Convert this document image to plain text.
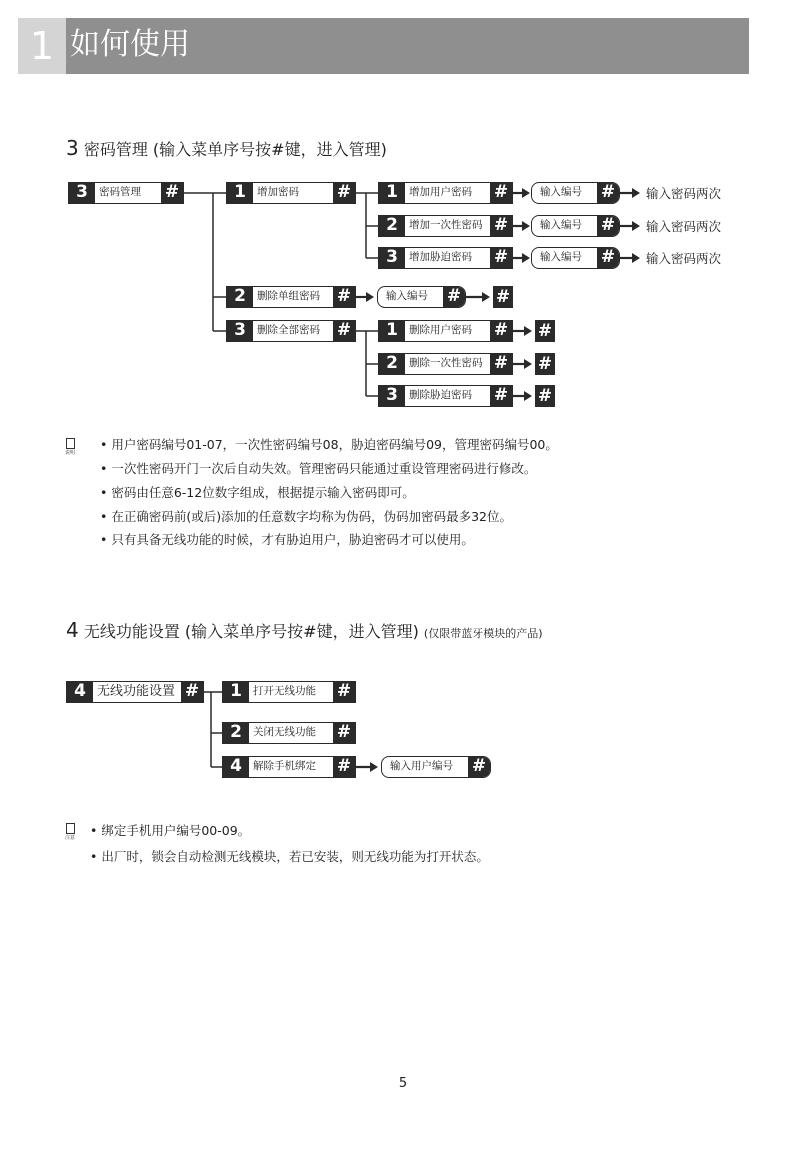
1 如何使用
3 密码管理 (输入菜单序号按#键，进入管理)
3	密码管理	#	1	增加密码	#
2	删除单组密码 #
3	删除全部密码 #
1	增加用户密码	#
2	增加一次性密码 #
3	增加胁迫密码	#
输入编号	#
输入编号	#
输入编号	#
输入密码两次
输入密码两次
输入密码两次
输入编号	# #
1	删除用户密码	#
2	删除一次性密码 #
3	删除胁迫密码	#
#
#
#
说明
• 用户密码编号01-07，一次性密码编号08，胁迫密码编号09，管理密码编号00。
• 一次性密码开门一次后自动失效。管理密码只能通过重设管理密码进行修改。
• 密码由任意6-12位数字组成，根据提示输入密码即可。
• 在正确密码前(或后)添加的任意数字均称为伪码，伪码加密码最多32位。
• 只有具备无线功能的时候，才有胁迫用户，胁迫密码才可以使用。
4 无线功能设置 (输入菜单序号按#键，进入管理) (仅限带蓝牙模块的产品)
4 无线功能设置 #	1	打开无线功能	#
2	关闭无线功能	#
4	解除手机绑定	#	输入用户编号	#
注意 • 绑定手机用户编号00-09。
• 出厂时，锁会自动检测无线模块，若已安装，则无线功能为打开状态。
5
